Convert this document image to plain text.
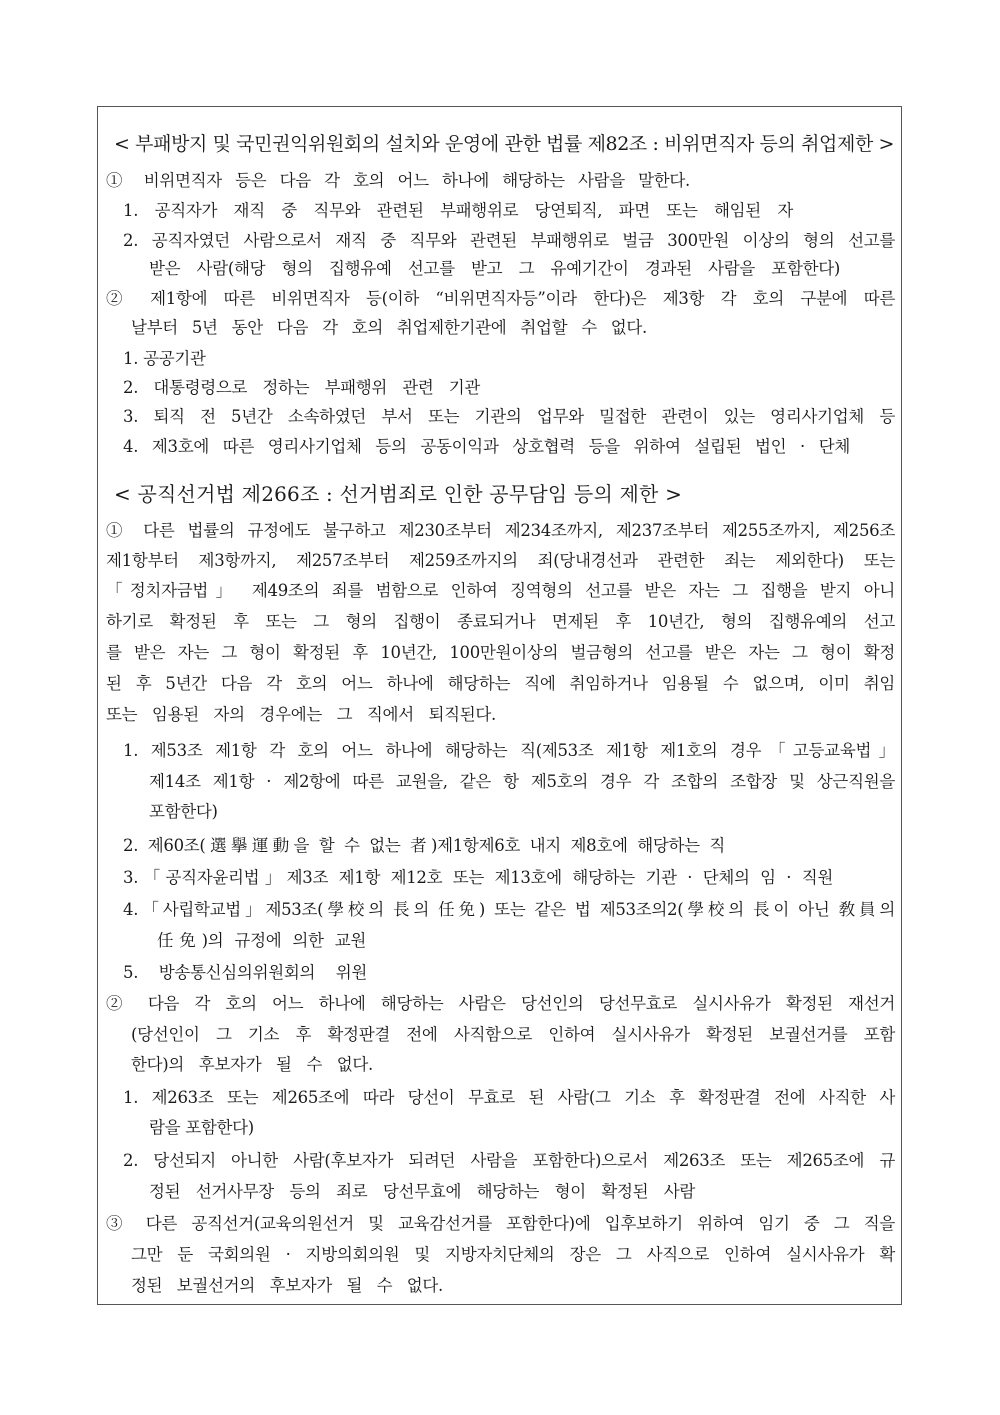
< 부패방지 및 국민권익위원회의 설치와 운영에 관한 법률 제82조 : 비위면직자 등의 취업제한 >
① 비위면직자 등은 다음 각 호의 어느 하나에 해당하는 사람을 말한다.
1. 공직자가 재직 중 직무와 관련된 부패행위로 당연퇴직, 파면 또는 해임된 자
2. 공직자였던 사람으로서 재직 중 직무와 관련된 부패행위로 벌금 300만원 이상의 형의 선고를
받은 사람(해당 형의 집행유예 선고를 받고 그 유예기간이 경과된 사람을 포함한다)
② 제1항에 따른 비위면직자 등(이하 “비위면직자등”이라 한다)은 제3항 각 호의 구분에 따른
날부터 5년 동안 다음 각 호의 취업제한기관에 취업할 수 없다.
1. 공공기관
2. 대통령령으로 정하는 부패행위 관련 기관
3. 퇴직 전 5년간 소속하였던 부서 또는 기관의 업무와 밀접한 관련이 있는 영리사기업체 등
4. 제3호에 따른 영리사기업체 등의 공동이익과 상호협력 등을 위하여 설립된 법인 · 단체
< 공직선거법 제266조 : 선거범죄로 인한 공무담임 등의 제한 >
① 다른 법률의 규정에도 불구하고 제230조부터 제234조까지, 제237조부터 제255조까지, 제256조
제1항부터 제3항까지, 제257조부터 제259조까지의 죄(당내경선과 관련한 죄는 제외한다) 또는
「정치자금법」 제49조의 죄를 범함으로 인하여 징역형의 선고를 받은 자는 그 집행을 받지 아니
하기로 확정된 후 또는 그 형의 집행이 종료되거나 면제된 후 10년간, 형의 집행유예의 선고
를 받은 자는 그 형이 확정된 후 10년간, 100만원이상의 벌금형의 선고를 받은 자는 그 형이 확정
된 후 5년간 다음 각 호의 어느 하나에 해당하는 직에 취임하거나 임용될 수 없으며, 이미 취임
또는 임용된 자의 경우에는 그 직에서 퇴직된다.
1. 제53조 제1항 각 호의 어느 하나에 해당하는 직(제53조 제1항 제1호의 경우「고등교육법」
제14조 제1항 · 제2항에 따른 교원을, 같은 항 제5호의 경우 각 조합의 조합장 및 상근직원을
포함한다)
2. 제60조(選擧運動을 할 수 없는 者)제1항제6호 내지 제8호에 해당하는 직
3.「공직자윤리법」제3조 제1항 제12호 또는 제13호에 해당하는 기관 · 단체의 임 · 직원
4.「사립학교법」제53조(學校의 長의 任免) 또는 같은 법 제53조의2(學校의 長이 아닌 敎員의
任免)의 규정에 의한 교원
5. 방송통신심의위원회의 위원
② 다음 각 호의 어느 하나에 해당하는 사람은 당선인의 당선무효로 실시사유가 확정된 재선거
(당선인이 그 기소 후 확정판결 전에 사직함으로 인하여 실시사유가 확정된 보궐선거를 포함
한다)의 후보자가 될 수 없다.
1. 제263조 또는 제265조에 따라 당선이 무효로 된 사람(그 기소 후 확정판결 전에 사직한 사
람을 포함한다)
2. 당선되지 아니한 사람(후보자가 되려던 사람을 포함한다)으로서 제263조 또는 제265조에 규
정된 선거사무장 등의 죄로 당선무효에 해당하는 형이 확정된 사람
③ 다른 공직선거(교육의원선거 및 교육감선거를 포함한다)에 입후보하기 위하여 임기 중 그 직을
그만 둔 국회의원 · 지방의회의원 및 지방자치단체의 장은 그 사직으로 인하여 실시사유가 확
정된 보궐선거의 후보자가 될 수 없다.
